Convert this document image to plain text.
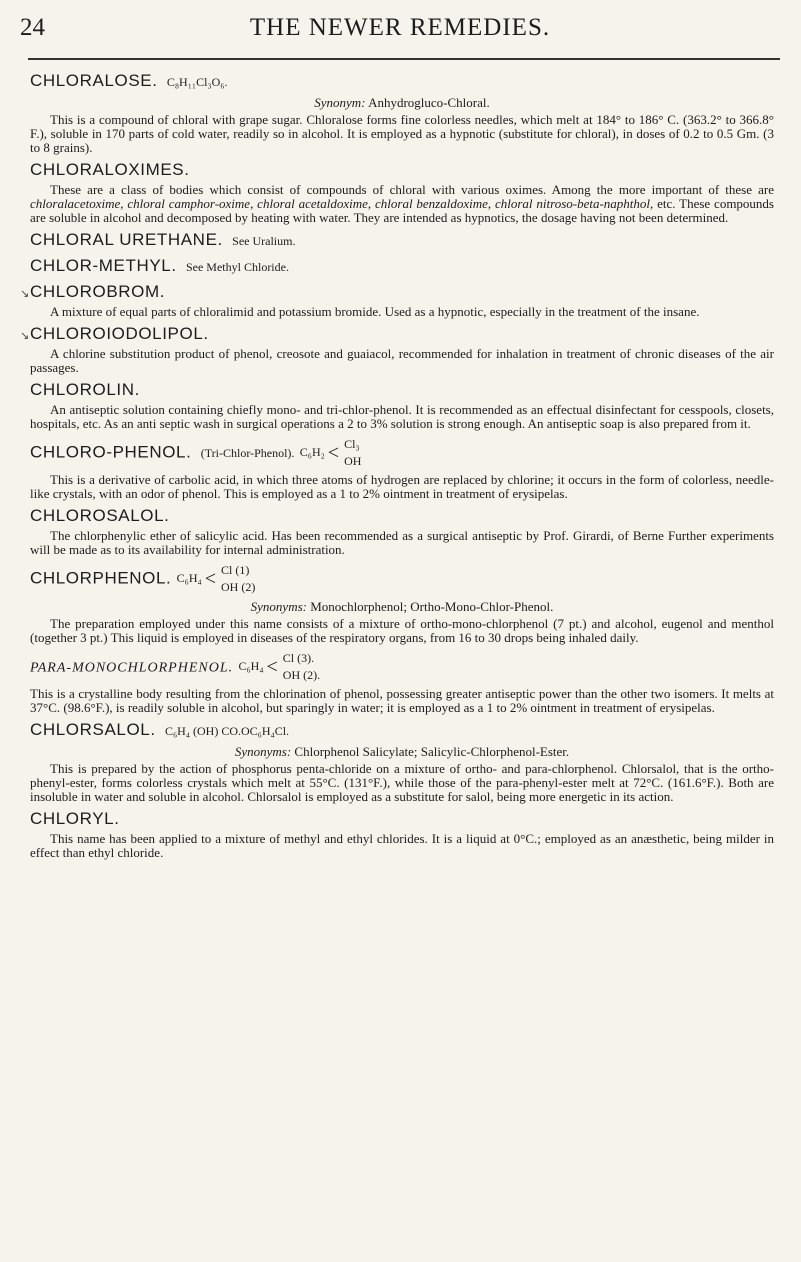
24	THE NEWER REMEDIES.
CHLORALOSE. C₈H₁₁Cl₃O₆.
Synonym: Anhydrogluco-Chloral.

This is a compound of chloral with grape sugar. Chloralose forms fine colorless needles, which melt at 184° to 186° C. (363.2° to 366.8° F.), soluble in 170 parts of cold water, readily so in alcohol. It is employed as a hypnotic (substitute for chloral), in doses of 0.2 to 0.5 Gm. (3 to 8 grains).

CHLORALOXIMES.

These are a class of bodies which consist of compounds of chloral with various oximes. Among the more important of these are chloralacetoxime, chloral camphor-oxime, chloral acetaldoxime, chloral benzaldoxime, chloral nitroso-beta-naphthol, etc. These compounds are soluble in alcohol and decomposed by heating with water. They are intended as hypnotics, the dosage having not been determined.

CHLORAL URETHANE. See Uralium.
CHLOR-METHYL. See Methyl Chloride.
↘ CHLOROBROM.

A mixture of equal parts of chloralimid and potassium bromide. Used as a hypnotic, especially in the treatment of the insane.

↘ CHLOROIODOLIPOL.

A chlorine substitution product of phenol, creosote and guaiacol, recommended for inhalation in treatment of chronic diseases of the air passages.

CHLOROLIN.

An antiseptic solution containing chiefly mono- and tri-chlor-phenol. It is recommended as an effectual disinfectant for cesspools, closets, hospitals, etc. As an anti septic wash in surgical operations a 2 to 3% solution is strong enough. An antiseptic soap is also prepared from it.

CHLORO-PHENOL. (Tri-Chlor-Phenol). C₆H₂ < Cl₃
OH

This is a derivative of carbolic acid, in which three atoms of hydrogen are replaced by chlorine; it occurs in the form of colorless, needle-like crystals, with an odor of phenol. This is employed as a 1 to 2% ointment in treatment of erysipelas.

CHLOROSALOL.

The chlorphenylic ether of salicylic acid. Has been recommended as a surgical antiseptic by Prof. Girardi, of Berne Further experiments will be made as to its availability for internal administration.

CHLORPHENOL. C₆H₄ < Cl (1)
OH (2)
Synonyms: Monochlorphenol; Ortho-Mono-Chlor-Phenol.

The preparation employed under this name consists of a mixture of ortho-mono-chlorphenol (7 pt.) and alcohol, eugenol and menthol (together 3 pt.) This liquid is employed in diseases of the respiratory organs, from 16 to 30 drops being inhaled daily.

PARA-MONOCHLORPHENOL. C₆H₄ < Cl (3).
OH (2).

This is a crystalline body resulting from the chlorination of phenol, possessing greater antiseptic power than the other two isomers. It melts at 37°C. (98.6°F.), is readily soluble in alcohol, but sparingly in water; it is employed as a 1 to 2% ointment in treatment of erysipelas.

CHLORSALOL. C₆H₄ (OH) CO.OC₆H₄Cl.
Synonyms: Chlorphenol Salicylate; Salicylic-Chlorphenol-Ester.

This is prepared by the action of phosphorus penta-chloride on a mixture of ortho- and para-chlorphenol. Chlorsalol, that is the ortho-phenyl-ester, forms colorless crystals which melt at 55°C. (131°F.), while those of the para-phenyl-ester melt at 72°C. (161.6°F.). Both are insoluble in water and soluble in alcohol. Chlorsalol is employed as a substitute for salol, being more energetic in its action.

CHLORYL.

This name has been applied to a mixture of methyl and ethyl chlorides. It is a liquid at 0°C.; employed as an anæsthetic, being milder in effect than ethyl chloride.
